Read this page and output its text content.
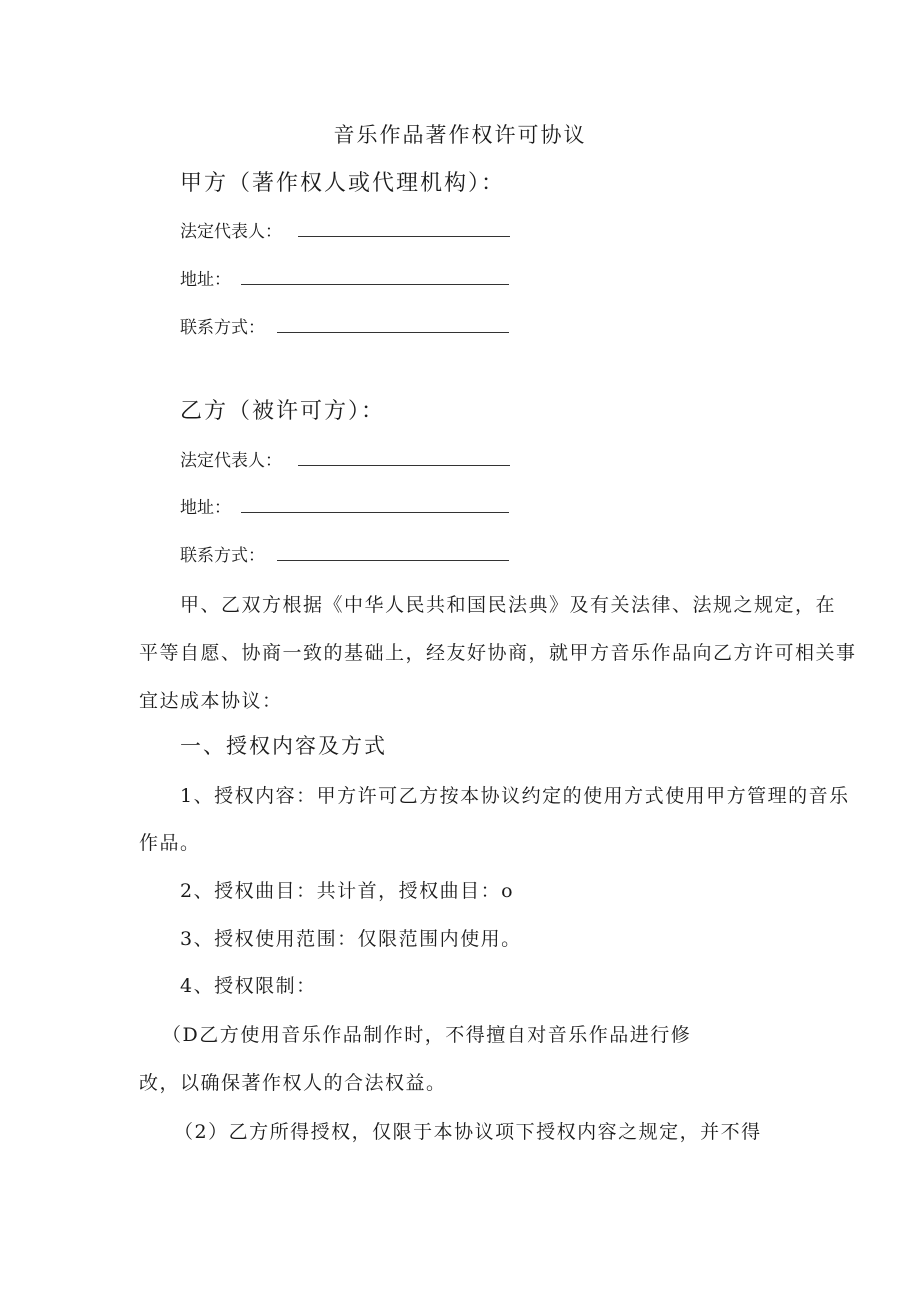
音乐作品著作权许可协议
甲方（著作权人或代理机构）：
法定代表人：
地址：
联系方式：
乙方（被许可方）：
法定代表人：
地址：
联系方式：
甲、乙双方根据《中华人民共和国民法典》及有关法律、法规之规定，在
平等自愿、协商一致的基础上，经友好协商，就甲方音乐作品向乙方许可相关事
宜达成本协议：
一、授权内容及方式
1、授权内容：甲方许可乙方按本协议约定的使用方式使用甲方管理的音乐
作品。
2、授权曲目：共计首，授权曲目：o
3、授权使用范围：仅限范围内使用。
4、授权限制：
（D乙方使用音乐作品制作时，不得擅自对音乐作品进行修
改，以确保著作权人的合法权益。
（2）乙方所得授权，仅限于本协议项下授权内容之规定，并不得
